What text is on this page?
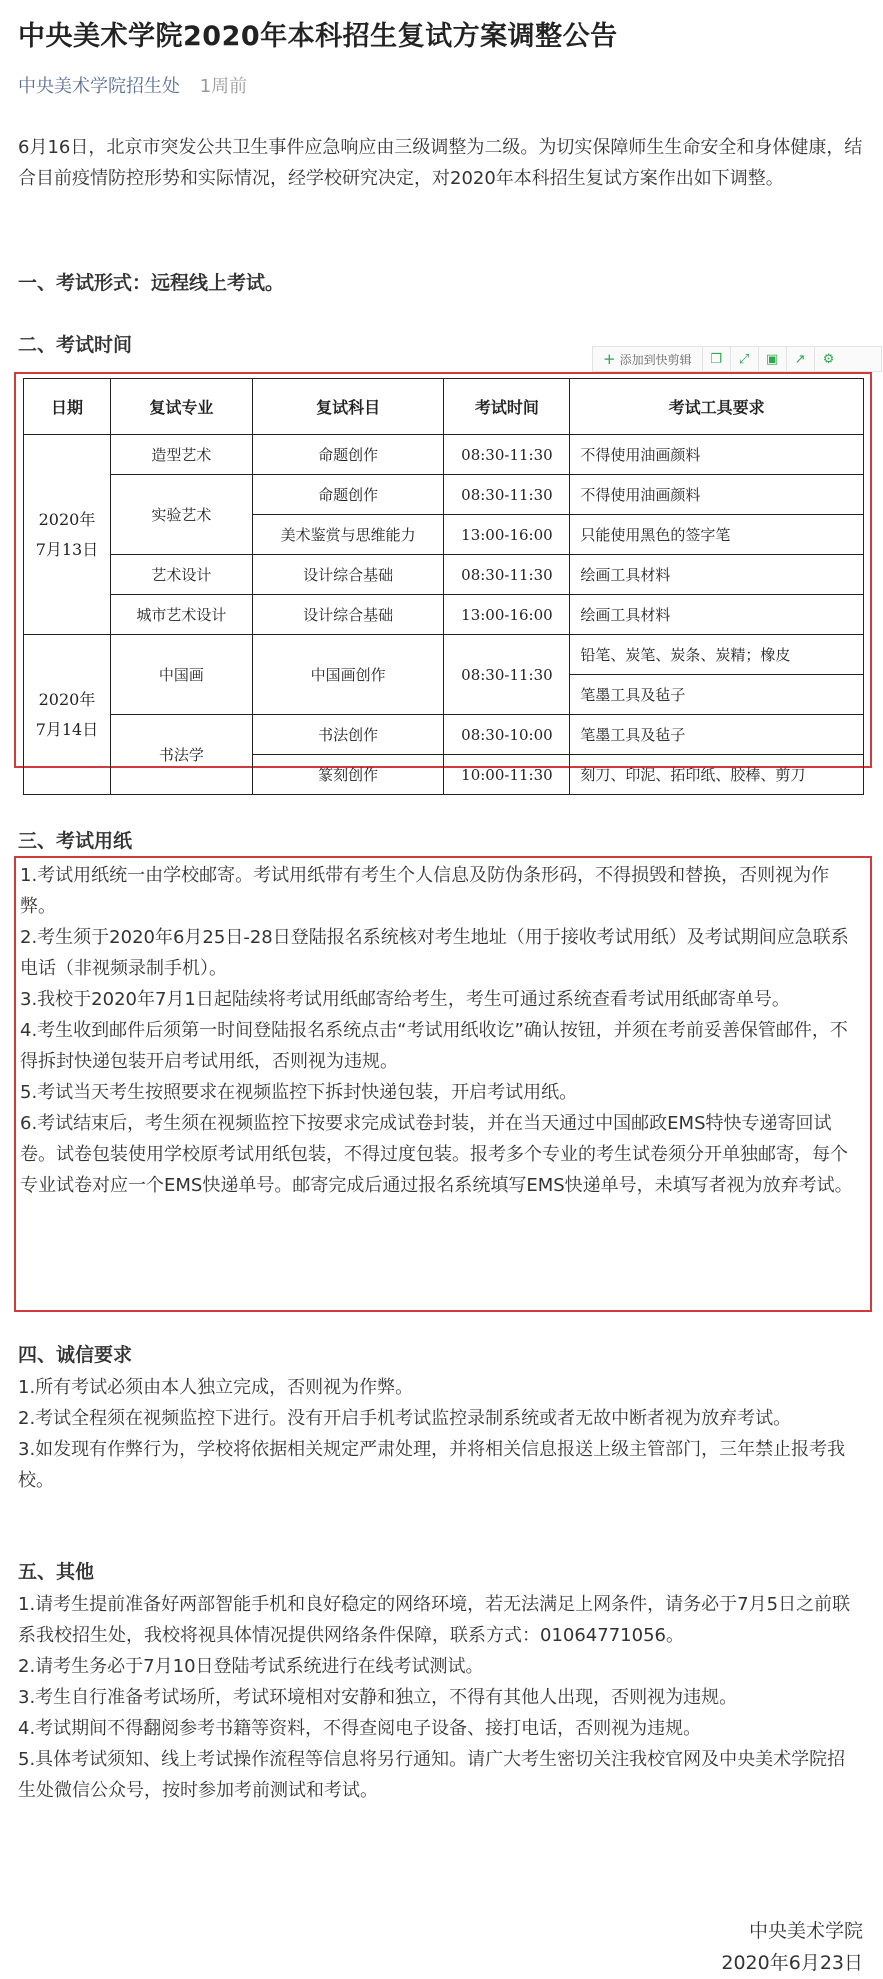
中央美术学院2020年本科招生复试方案调整公告
中央美术学院招生处 1周前

6月16日，北京市突发公共卫生事件应急响应由三级调整为二级。为切实保障师生生命安全和身体健康，结合目前疫情防控形势和实际情况，经学校研究决定，对2020年本科招生复试方案作出如下调整。

一、考试形式：远程线上考试。
二、考试时间
+ 添加到快剪辑	❐	⤢	▣	↗	⚙
日期	复试专业	复试科目	考试时间	考试工具要求
2020年
7月13日	造型艺术	命题创作	08:30-11:30	不得使用油画颜料
	实验艺术	命题创作	08:30-11:30	不得使用油画颜料
		美术鉴赏与思维能力	13:00-16:00	只能使用黑色的签字笔
	艺术设计	设计综合基础	08:30-11:30	绘画工具材料
	城市艺术设计	设计综合基础	13:00-16:00	绘画工具材料
2020年
7月14日	中国画	中国画创作	08:30-11:30	铅笔、炭笔、炭条、炭精；橡皮
				笔墨工具及毡子
	书法学	书法创作	08:30-10:00	笔墨工具及毡子
		篆刻创作	10:00-11:30	刻刀、印泥、拓印纸、胶棒、剪刀
三、考试用纸

1.考试用纸统一由学校邮寄。考试用纸带有考生个人信息及防伪条形码，不得损毁和替换，否则视为作弊。

2.考生须于2020年6月25日-28日登陆报名系统核对考生地址（用于接收考试用纸）及考试期间应急联系电话（非视频录制手机）。

3.我校于2020年7月1日起陆续将考试用纸邮寄给考生，考生可通过系统查看考试用纸邮寄单号。

4.考生收到邮件后须第一时间登陆报名系统点击“考试用纸收讫”确认按钮，并须在考前妥善保管邮件，不得拆封快递包装开启考试用纸，否则视为违规。

5.考试当天考生按照要求在视频监控下拆封快递包装，开启考试用纸。

6.考试结束后，考生须在视频监控下按要求完成试卷封装，并在当天通过中国邮政EMS特快专递寄回试卷。试卷包装使用学校原考试用纸包装，不得过度包装。报考多个专业的考生试卷须分开单独邮寄，每个专业试卷对应一个EMS快递单号。邮寄完成后通过报名系统填写EMS快递单号，未填写者视为放弃考试。

四、诚信要求

1.所有考试必须由本人独立完成，否则视为作弊。

2.考试全程须在视频监控下进行。没有开启手机考试监控录制系统或者无故中断者视为放弃考试。

3.如发现有作弊行为，学校将依据相关规定严肃处理，并将相关信息报送上级主管部门，三年禁止报考我校。

五、其他

1.请考生提前准备好两部智能手机和良好稳定的网络环境，若无法满足上网条件，请务必于7月5日之前联系我校招生处，我校将视具体情况提供网络条件保障，联系方式：01064771056。

2.请考生务必于7月10日登陆考试系统进行在线考试测试。

3.考生自行准备考试场所，考试环境相对安静和独立，不得有其他人出现，否则视为违规。

4.考试期间不得翻阅参考书籍等资料，不得查阅电子设备、接打电话，否则视为违规。

5.具体考试须知、线上考试操作流程等信息将另行通知。请广大考生密切关注我校官网及中央美术学院招生处微信公众号，按时参加考前测试和考试。

中央美术学院
2020年6月23日
